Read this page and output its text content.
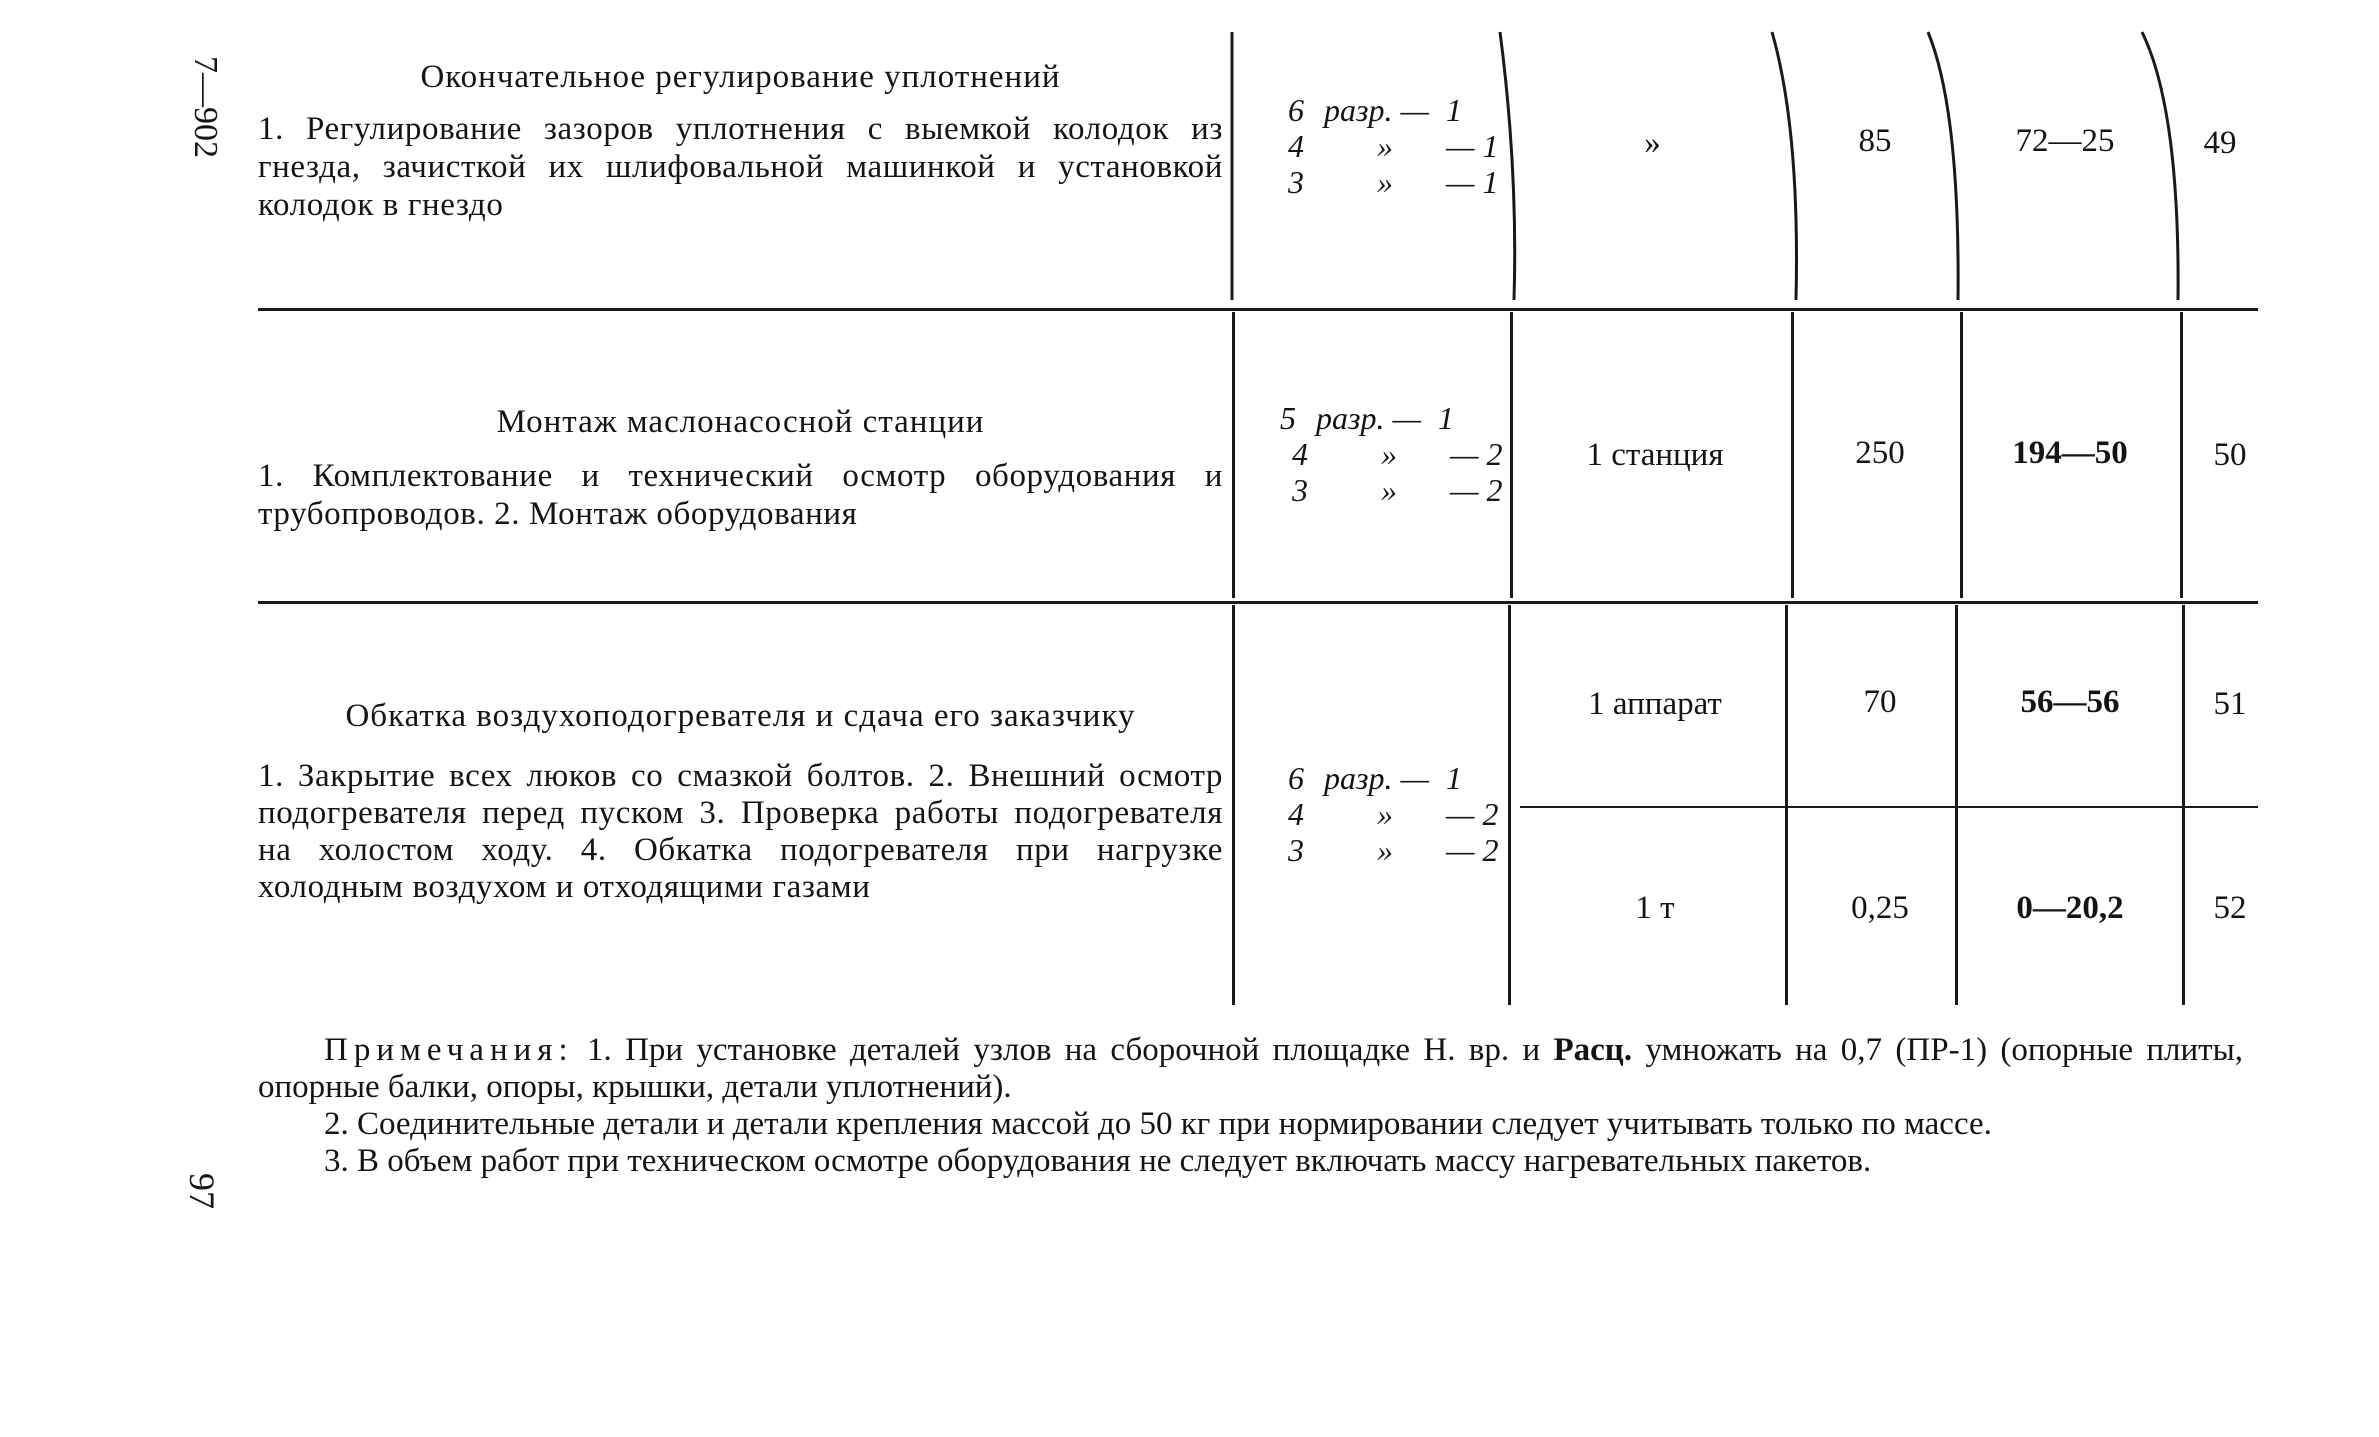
7—902
97
Окончательное регулирование уплотнений
1. Регулирование зазоров уплотнения с выемкой колодок из гнезда, зачисткой их шлифовальной машинкой и установкой колодок в гнездо
6 разр. — 1
4	»	— 1
3	»	— 1
»	85	72—25	49
Монтаж маслонасосной станции
1. Комплектование и технический осмотр оборудования и трубопроводов. 2. Монтаж оборудования
5 разр. — 1
4	»	— 2
3	»	— 2
1 станция	250	194—50	50
Обкатка воздухоподогревателя и сдача его заказчику
1. Закрытие всех люков со смазкой болтов. 2. Внешний осмотр подогревателя перед пуском 3. Проверка работы подогревателя на холостом ходу. 4. Обкатка подогревателя при нагрузке холодным воздухом и отходящими газами
6 разр. — 1
4	»	— 2
3	»	— 2
1 аппарат	70	56—56	51
1 т	0,25	0—20,2	52

Примечания: 1. При установке деталей узлов на сборочной площадке Н. вр. и Расц. умножать на 0,7 (ПР-1) (опорные плиты, опорные балки, опоры, крышки, детали уплотнений).

2. Соединительные детали и детали крепления массой до 50 кг при нормировании следует учитывать только по массе.

3. В объем работ при техническом осмотре оборудования не следует включать массу нагревательных пакетов.
